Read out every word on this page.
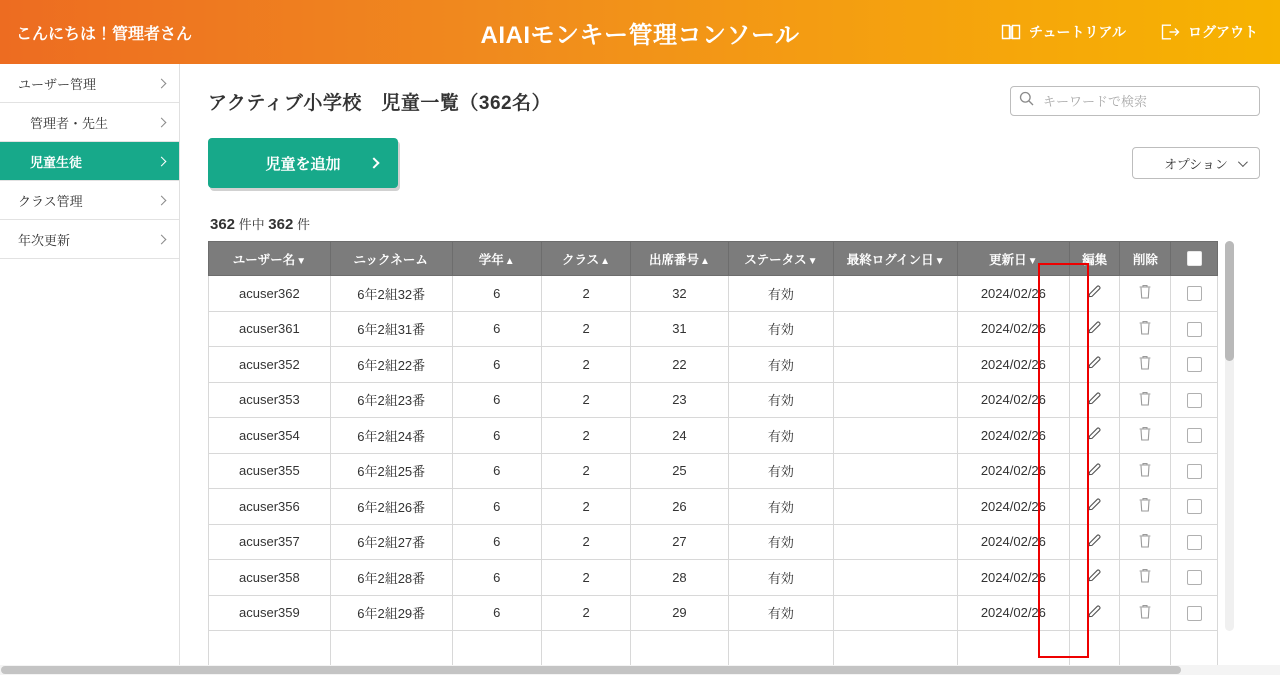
こんにちは！管理者さん	AIAIモンキー管理コンソール	チュートリアル	ログアウト
ユーザー管理
管理者・先生
児童生徒
クラス管理
年次更新
アクティブ小学校　児童一覧（362名）
キーワードで検索
児童を追加	オプション
362 件中 362 件
ユーザー名▼	ニックネーム	学年▲	クラス▲	出席番号▲	ステータス▼	最終ログイン日▼	更新日▼	編集	削除	
acuser362	6年2組32番	6	2	32	有効		2024/02/26			
acuser361	6年2組31番	6	2	31	有効		2024/02/26			
acuser352	6年2組22番	6	2	22	有効		2024/02/26			
acuser353	6年2組23番	6	2	23	有効		2024/02/26			
acuser354	6年2組24番	6	2	24	有効		2024/02/26			
acuser355	6年2組25番	6	2	25	有効		2024/02/26			
acuser356	6年2組26番	6	2	26	有効		2024/02/26			
acuser357	6年2組27番	6	2	27	有効		2024/02/26			
acuser358	6年2組28番	6	2	28	有効		2024/02/26			
acuser359	6年2組29番	6	2	29	有効		2024/02/26			
